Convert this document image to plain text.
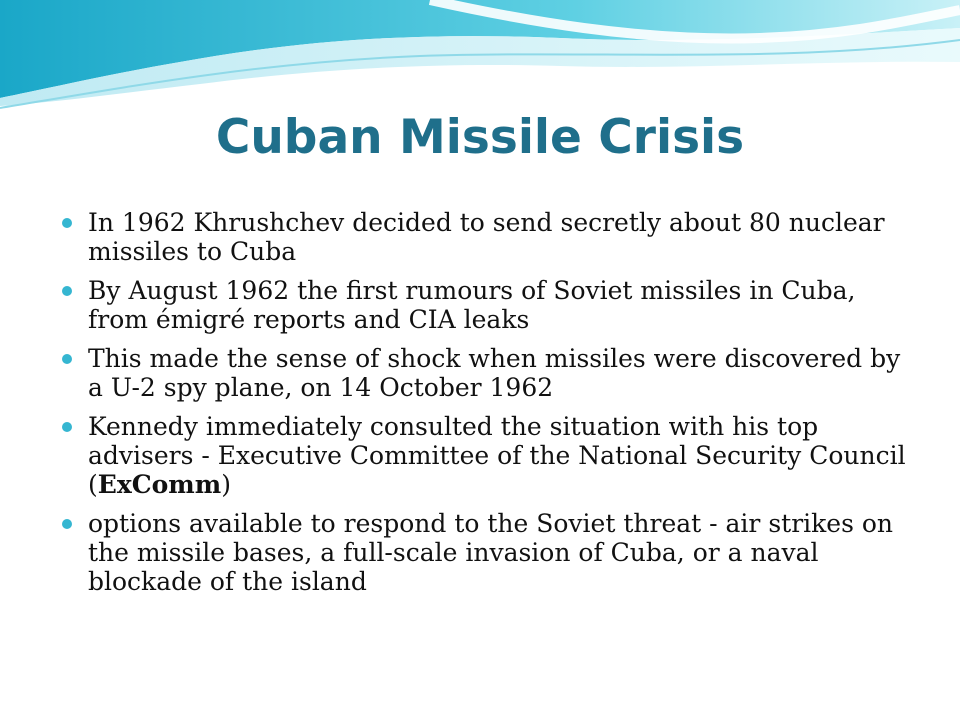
Cuban Missile Crisis
In 1962 Khrushchev decided to send secretly about 80 nuclear missiles to Cuba
By August 1962 the first rumours of Soviet missiles in Cuba, from émigré reports and CIA leaks
This made the sense of shock when missiles were discovered by a U-2 spy plane, on 14 October 1962
Kennedy immediately consulted the situation with his top advisers - Executive Committee of the National Security Council (ExComm)
options available to respond to the Soviet threat - air strikes on the missile bases, a full-scale invasion of Cuba, or a naval blockade of the island
